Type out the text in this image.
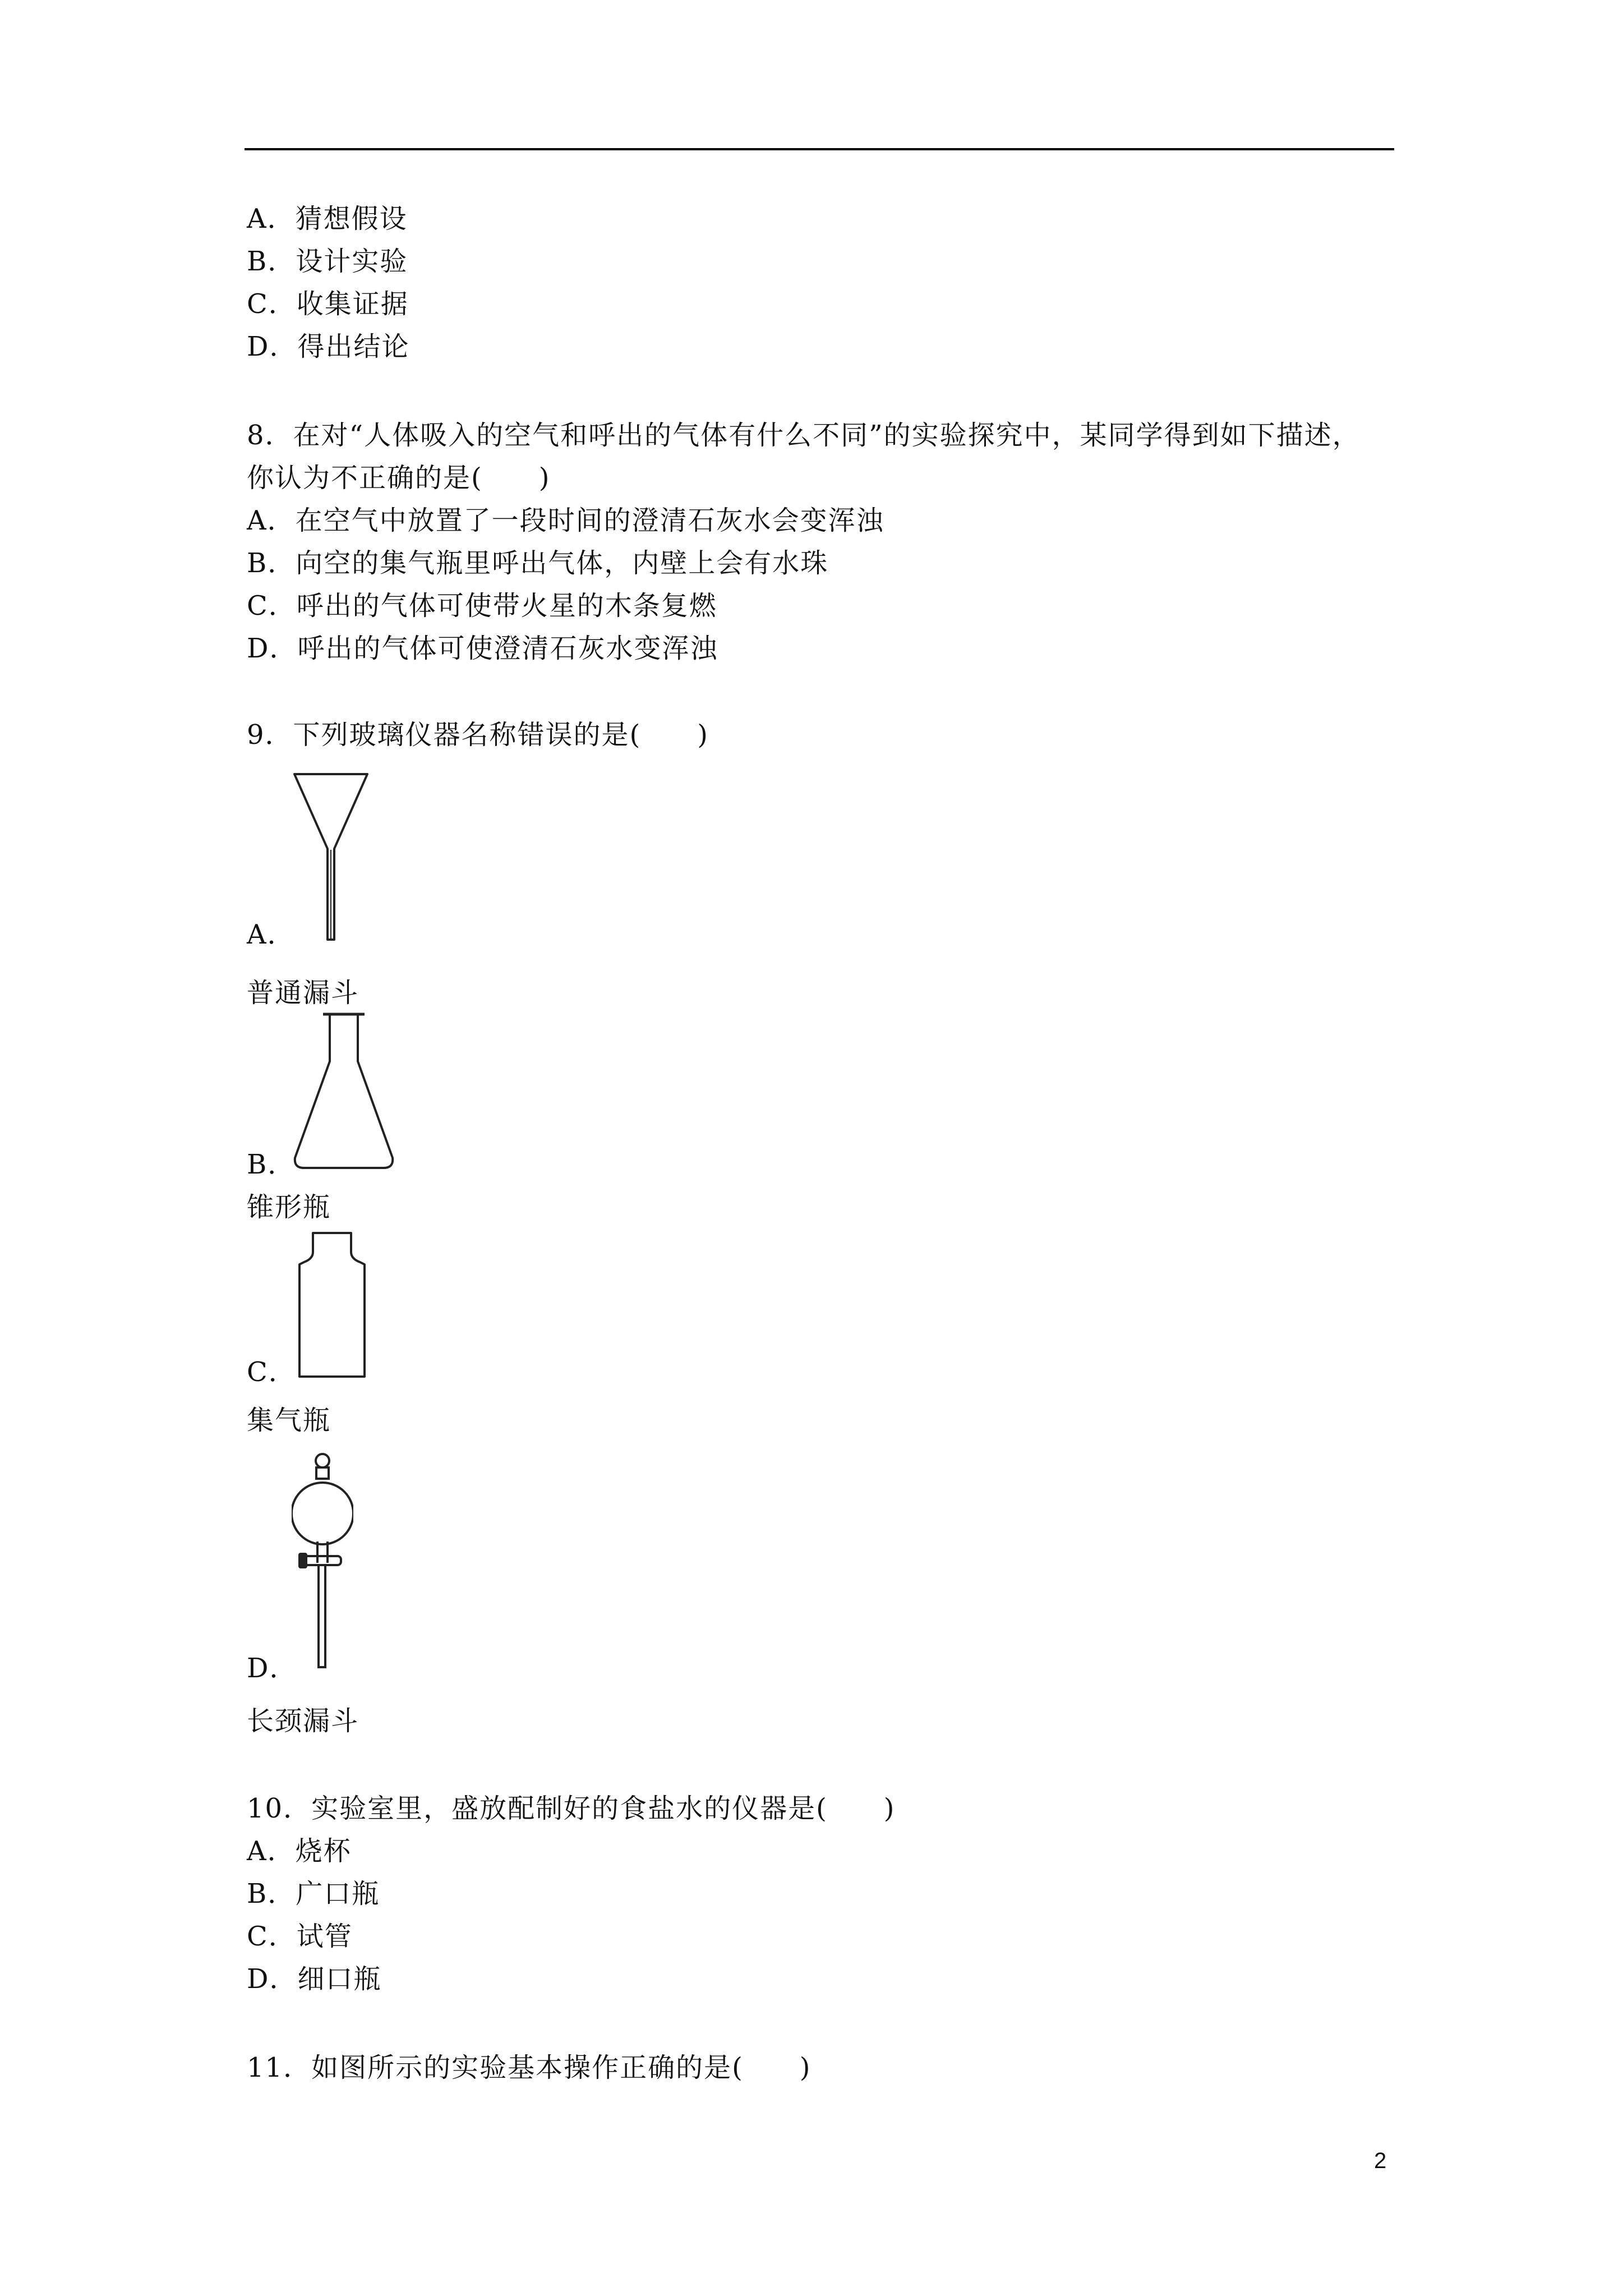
A．猜想假设
B．设计实验
C．收集证据
D．得出结论
8．在对“人体吸入的空气和呼出的气体有什么不同”的实验探究中，某同学得到如下描述，
你认为不正确的是(　　)
A．在空气中放置了一段时间的澄清石灰水会变浑浊
B．向空的集气瓶里呼出气体，内壁上会有水珠
C．呼出的气体可使带火星的木条复燃
D．呼出的气体可使澄清石灰水变浑浊
9．下列玻璃仪器名称错误的是(　　)
A．
普通漏斗
B．
锥形瓶
C．
集气瓶
D．
长颈漏斗
10．实验室里，盛放配制好的食盐水的仪器是(　　)
A．烧杯
B．广口瓶
C．试管
D．细口瓶
11．如图所示的实验基本操作正确的是(　　)
2
